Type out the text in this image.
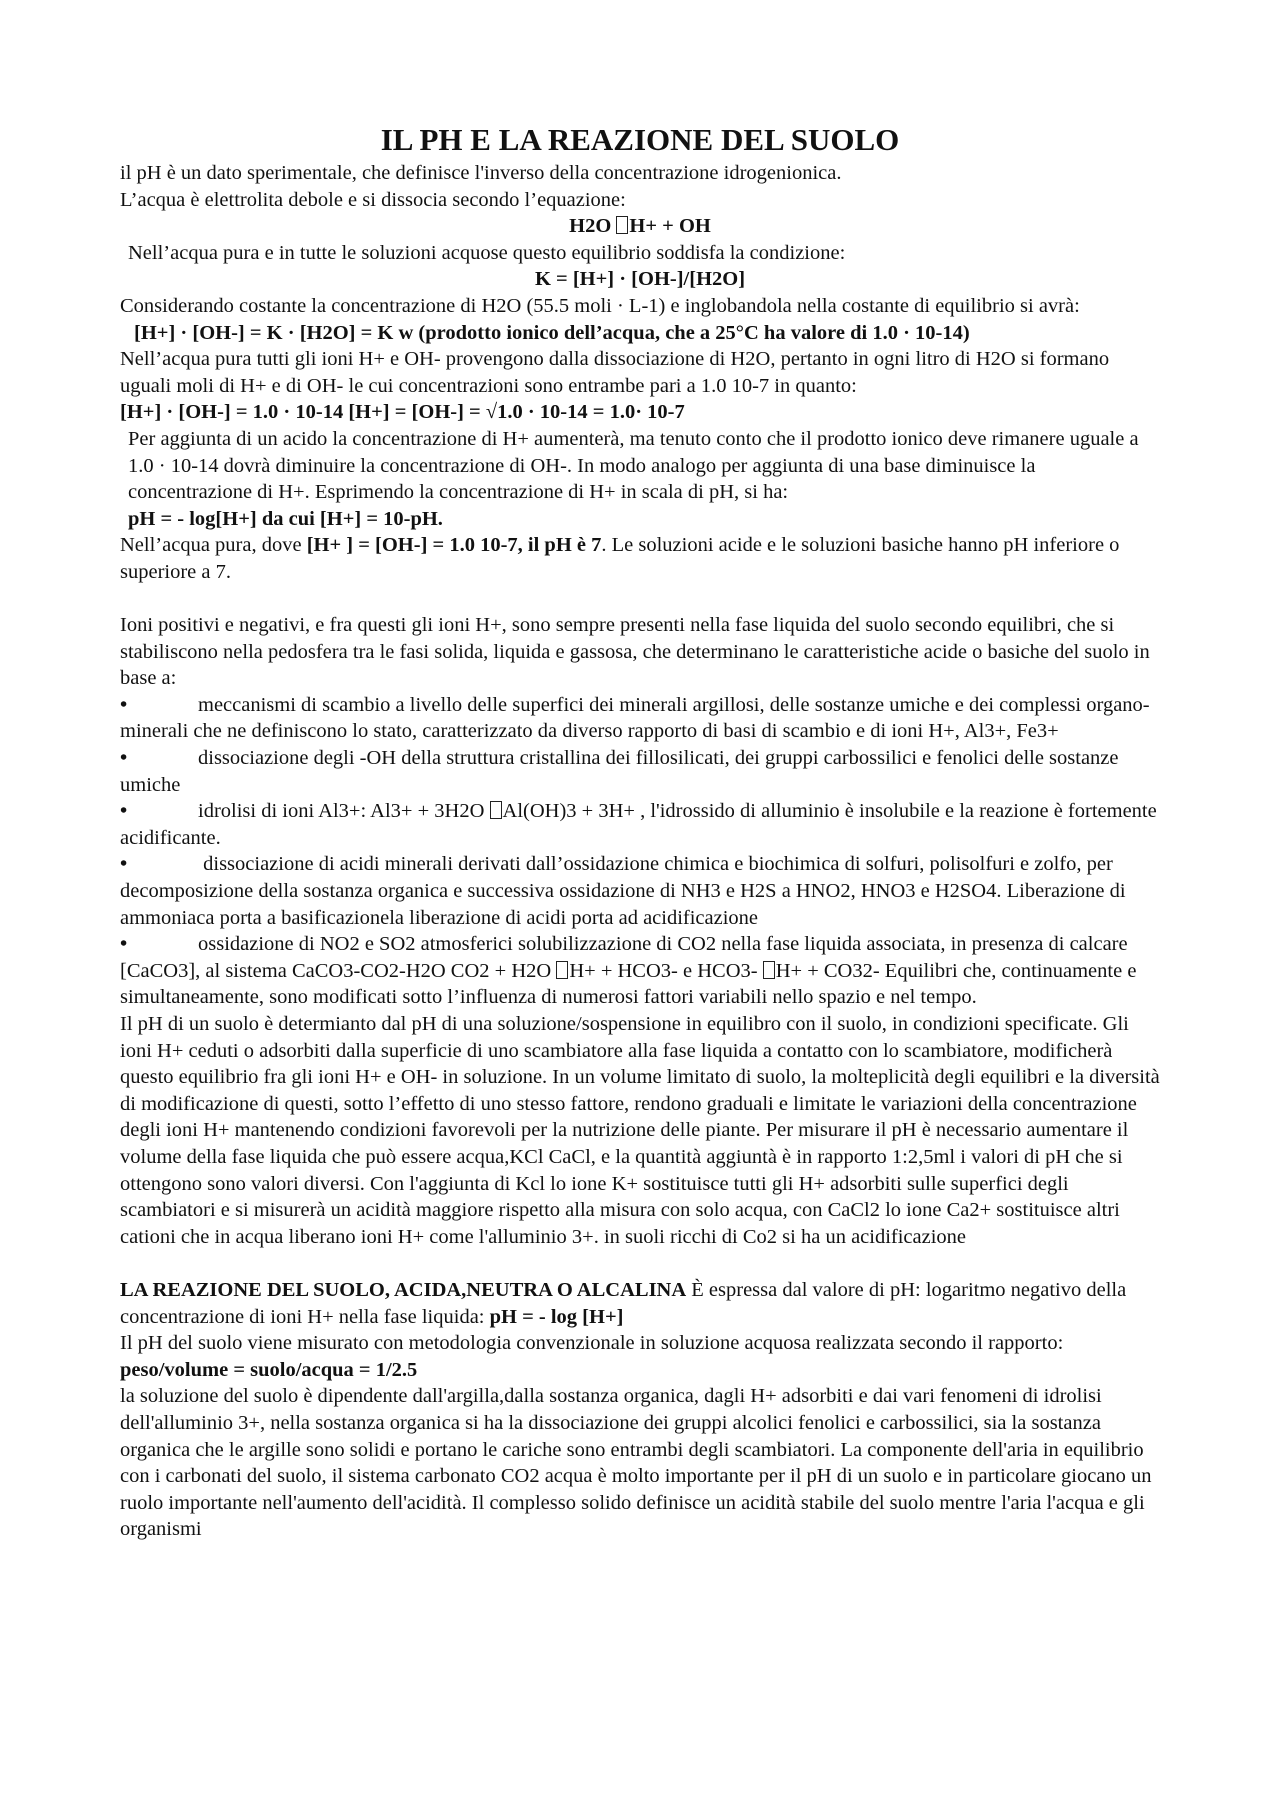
IL PH E LA REAZIONE DEL SUOLO

il pH è un dato sperimentale, che definisce l'inverso della concentrazione idrogenionica.

L’acqua è elettrolita debole e si dissocia secondo l’equazione:

H2O H+ + OH

Nell’acqua pura e in tutte le soluzioni acquose questo equilibrio soddisfa la condizione:

K = [H+] · [OH-]/[H2O]

Considerando costante la concentrazione di H2O (55.5 moli · L-1) e inglobandola nella costante di equilibrio si avrà:

[H+] · [OH-] = K · [H2O] = K w (prodotto ionico dell’acqua, che a 25°C ha valore di 1.0 · 10-14)

Nell’acqua pura tutti gli ioni H+ e OH- provengono dalla dissociazione di H2O, pertanto in ogni litro di H2O si formano uguali moli di H+ e di OH- le cui concentrazioni sono entrambe pari a 1.0 10-7 in quanto:

[H+] · [OH-] = 1.0 · 10-14 [H+] = [OH-] = √1.0 · 10-14 = 1.0· 10-7

Per aggiunta di un acido la concentrazione di H+ aumenterà, ma tenuto conto che il prodotto ionico deve rimanere uguale a 1.0 · 10-14 dovrà diminuire la concentrazione di OH-. In modo analogo per aggiunta di una base diminuisce la concentrazione di H+. Esprimendo la concentrazione di H+ in scala di pH, si ha:

pH = - log[H+] da cui [H+] = 10-pH.

Nell’acqua pura, dove [H+ ] = [OH-] = 1.0 10-7, il pH è 7. Le soluzioni acide e le soluzioni basiche hanno pH inferiore o superiore a 7.

Ioni positivi e negativi, e fra questi gli ioni H+, sono sempre presenti nella fase liquida del suolo secondo equilibri, che si stabiliscono nella pedosfera tra le fasi solida, liquida e gassosa, che determinano le caratteristiche acide o basiche del suolo in base a:

•	meccanismi di scambio a livello delle superfici dei minerali argillosi, delle sostanze umiche e dei complessi organo-minerali che ne definiscono lo stato, caratterizzato da diverso rapporto di basi di scambio e di ioni H+, Al3+, Fe3+

•	dissociazione degli -OH della struttura cristallina dei fillosilicati, dei gruppi carbossilici e fenolici delle sostanze umiche

•	idrolisi di ioni Al3+: Al3+ + 3H2O Al(OH)3 + 3H+ , l'idrossido di alluminio è insolubile e la reazione è fortemente acidificante.

•	dissociazione di acidi minerali derivati dall’ossidazione chimica e biochimica di solfuri, polisolfuri e zolfo, per decomposizione della sostanza organica e successiva ossidazione di NH3 e H2S a HNO2, HNO3 e H2SO4. Liberazione di ammoniaca porta a basificazionela liberazione di acidi porta ad acidificazione

•	ossidazione di NO2 e SO2 atmosferici solubilizzazione di CO2 nella fase liquida associata, in presenza di calcare [CaCO3], al sistema CaCO3-CO2-H2O CO2 + H2O H+ + HCO3- e HCO3- H+ + CO32- Equilibri che, continuamente e simultaneamente, sono modificati sotto l’influenza di numerosi fattori variabili nello spazio e nel tempo.

Il pH di un suolo è determianto dal pH di una soluzione/sospensione in equilibro con il suolo, in condizioni specificate. Gli ioni H+ ceduti o adsorbiti dalla superficie di uno scambiatore alla fase liquida a contatto con lo scambiatore, modificherà questo equilibrio fra gli ioni H+ e OH- in soluzione. In un volume limitato di suolo, la molteplicità degli equilibri e la diversità di modificazione di questi, sotto l’effetto di uno stesso fattore, rendono graduali e limitate le variazioni della concentrazione degli ioni H+ mantenendo condizioni favorevoli per la nutrizione delle piante. Per misurare il pH è necessario aumentare il volume della fase liquida che può essere acqua,KCl CaCl, e la quantità aggiuntà è in rapporto 1:2,5ml i valori di pH che si ottengono sono valori diversi. Con l'aggiunta di Kcl lo ione K+ sostituisce tutti gli H+ adsorbiti sulle superfici degli scambiatori e si misurerà un acidità maggiore rispetto alla misura con solo acqua, con CaCl2 lo ione Ca2+ sostituisce altri cationi che in acqua liberano ioni H+ come l'alluminio 3+. in suoli ricchi di Co2 si ha un acidificazione

LA REAZIONE DEL SUOLO, ACIDA,NEUTRA O ALCALINA È espressa dal valore di pH: logaritmo negativo della concentrazione di ioni H+ nella fase liquida: pH = - log [H+]

Il pH del suolo viene misurato con metodologia convenzionale in soluzione acquosa realizzata secondo il rapporto: peso/volume = suolo/acqua = 1/2.5

la soluzione del suolo è dipendente dall'argilla,dalla sostanza organica, dagli H+ adsorbiti e dai vari fenomeni di idrolisi dell'alluminio 3+, nella sostanza organica si ha la dissociazione dei gruppi alcolici fenolici e carbossilici, sia la sostanza organica che le argille sono solidi e portano le cariche sono entrambi degli scambiatori. La componente dell'aria in equilibrio con i carbonati del suolo, il sistema carbonato CO2 acqua è molto importante per il pH di un suolo e in particolare giocano un ruolo importante nell'aumento dell'acidità. Il complesso solido definisce un acidità stabile del suolo mentre l'aria l'acqua e gli organismi
